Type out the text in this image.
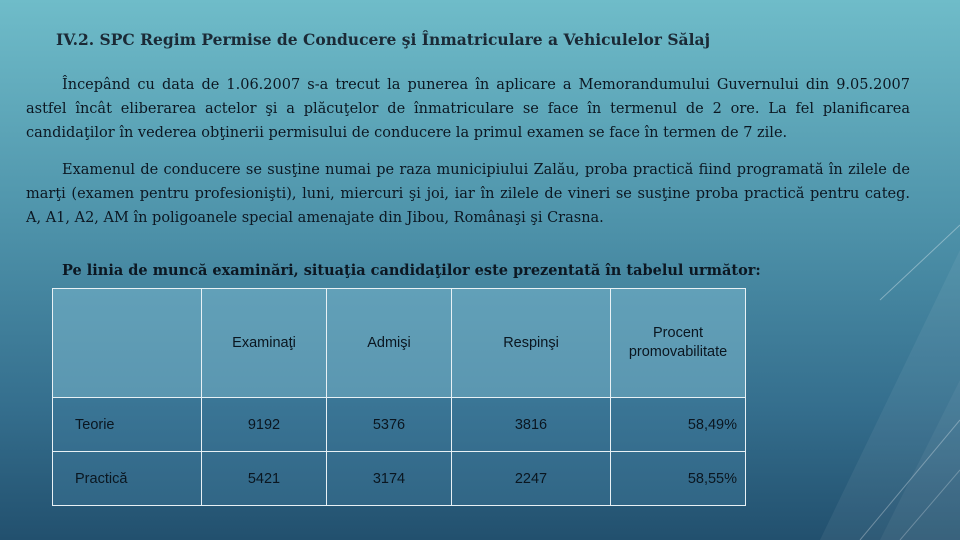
IV.2. SPC Regim Permise de Conducere şi Înmatriculare a Vehiculelor Sălaj

Începând cu data de 1.06.2007 s-a trecut la punerea în aplicare a Memorandumului Guvernului din 9.05.2007 astfel încât eliberarea actelor şi a plăcuţelor de înmatriculare se face în termenul de 2 ore. La fel planificarea candidaţilor în vederea obţinerii permisului de conducere la primul examen se face în termen de 7 zile.

Examenul de conducere se susţine numai pe raza municipiului Zalău, proba practică fiind programată în zilele de marţi (examen pentru profesionişti), luni, miercuri şi joi, iar în zilele de vineri se susţine proba practică pentru categ. A, A1, A2, AM în poligoanele special amenajate din Jibou, Românaşi şi Crasna.

Pe linia de muncă examinări, situaţia candidaţilor este prezentată în tabelul următor:
	Examinaţi	Admişi	Respinşi	Procent promovabilitate
Teorie	9192	5376	3816	58,49%
Practică	5421	3174	2247	58,55%
